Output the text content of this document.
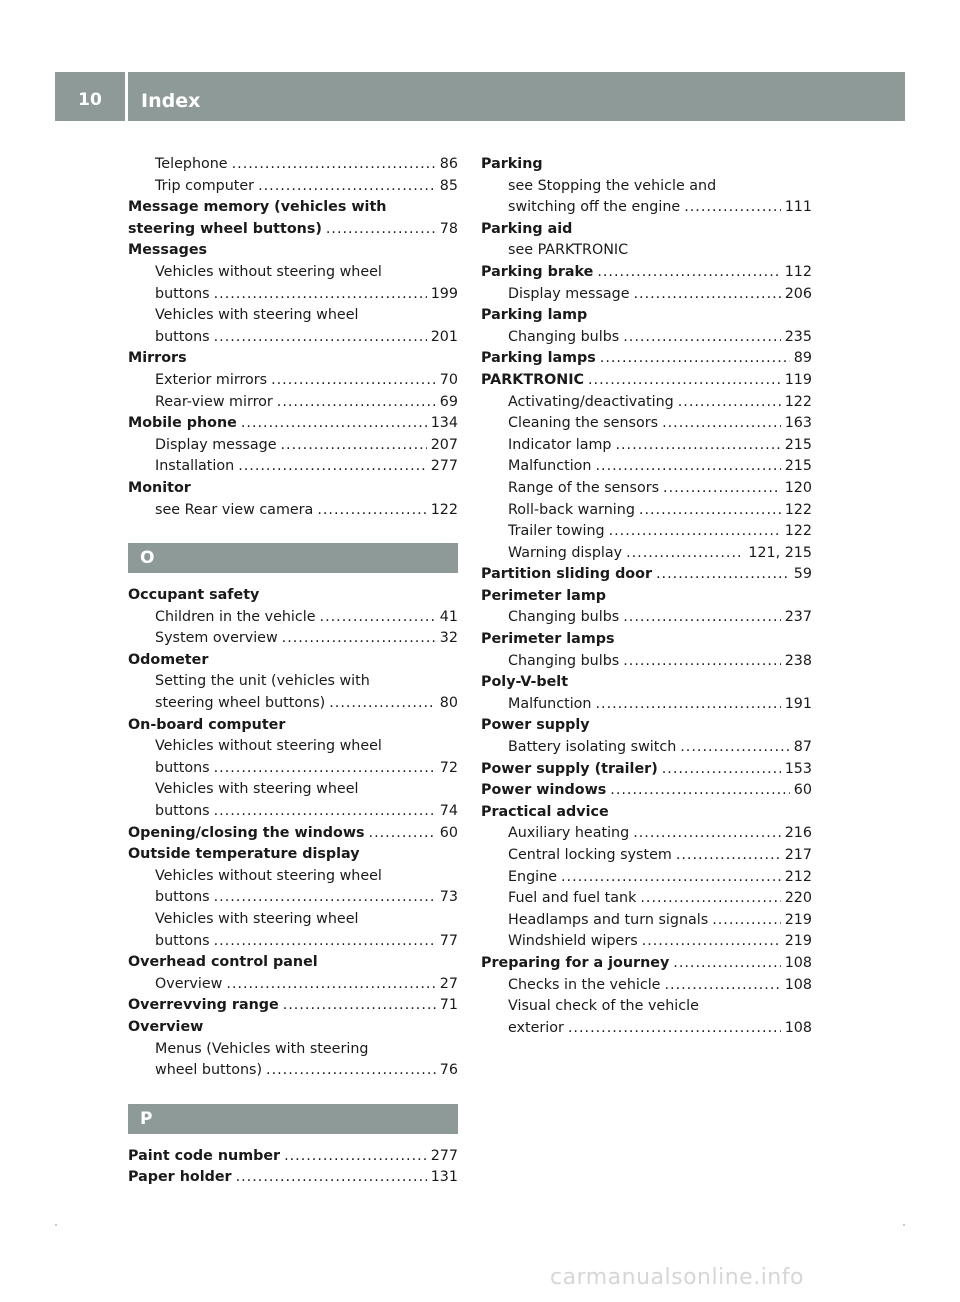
10	Index
Telephone .....	86
Trip computer .....	85
Message memory (vehicles with
steering wheel buttons) .....	78
Messages
Vehicles without steering wheel
buttons .....	199
Vehicles with steering wheel
buttons .....	201
Mirrors
Exterior mirrors .....	70
Rear-view mirror .....	69
Mobile phone .....	134
Display message .....	207
Installation .....	277
Monitor
see Rear view camera .....	122
O
Occupant safety
Children in the vehicle .....	41
System overview .....	32
Odometer
Setting the unit (vehicles with
steering wheel buttons) .....	80
On-board computer
Vehicles without steering wheel
buttons .....	72
Vehicles with steering wheel
buttons .....	74
Opening/closing the windows .....	60
Outside temperature display
Vehicles without steering wheel
buttons .....	73
Vehicles with steering wheel
buttons .....	77
Overhead control panel
Overview .....	27
Overrevving range .....	71
Overview
Menus (Vehicles with steering
wheel buttons) .....	76
P
Paint code number .....	277
Paper holder .....	131
Parking
see Stopping the vehicle and
switching off the engine .....	111
Parking aid
see PARKTRONIC
Parking brake .....	112
Display message .....	206
Parking lamp
Changing bulbs .....	235
Parking lamps .....	89
PARKTRONIC .....	119
Activating/deactivating .....	122
Cleaning the sensors .....	163
Indicator lamp .....	215
Malfunction .....	215
Range of the sensors .....	120
Roll-back warning .....	122
Trailer towing .....	122
Warning display .....	121, 215
Partition sliding door .....	59
Perimeter lamp
Changing bulbs .....	237
Perimeter lamps
Changing bulbs .....	238
Poly-V-belt
Malfunction .....	191
Power supply
Battery isolating switch .....	87
Power supply (trailer) .....	153
Power windows .....	60
Practical advice
Auxiliary heating .....	216
Central locking system .....	217
Engine .....	212
Fuel and fuel tank .....	220
Headlamps and turn signals .....	219
Windshield wipers .....	219
Preparing for a journey .....	108
Checks in the vehicle .....	108
Visual check of the vehicle
exterior .....	108
carmanualsonline.info
